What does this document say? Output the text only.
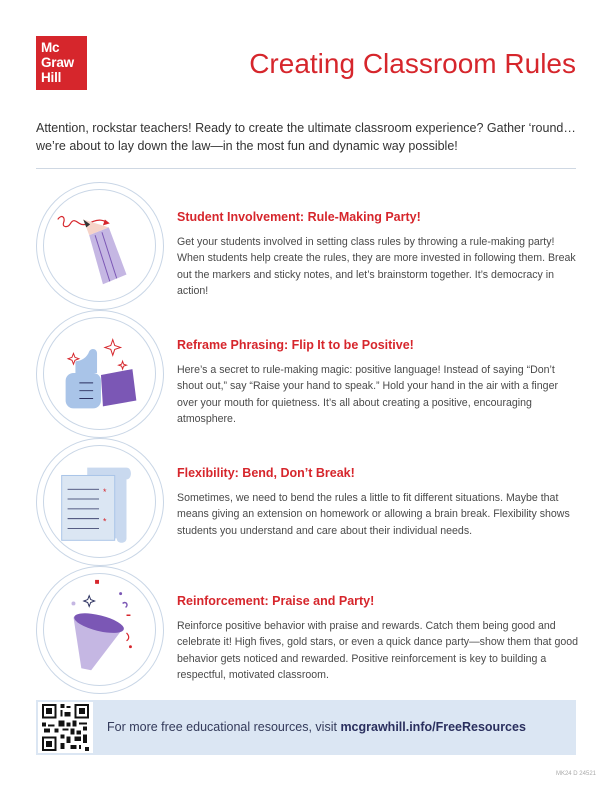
Mc
Graw
Hill	Creating Classroom Rules

Attention, rockstar teachers! Ready to create the ultimate classroom experience? Gather ‘round… we’re about to lay down the law—in the most fun and dynamic way possible!

Student Involvement: Rule-Making Party!

Get your students involved in setting class rules by throwing a rule-making party! When students help create the rules, they are more invested in following them. Break out the markers and sticky notes, and let’s brainstorm together. It’s democracy in action!

Reframe Phrasing: Flip It to be Positive!

Here’s a secret to rule-making magic: positive language! Instead of saying “Don’t shout out,” say “Raise your hand to speak.” Hold your hand in the air with a finger over your mouth for quietness. It’s all about creating a positive, encouraging atmosphere.

*
*
Flexibility: Bend, Don’t Break!

Sometimes, we need to bend the rules a little to fit different situations. Maybe that means giving an extension on homework or allowing a brain break. Flexibility shows students you understand and care about their individual needs.

Reinforcement: Praise and Party!

Reinforce positive behavior with praise and rewards. Catch them being good and celebrate it! High fives, gold stars, or even a quick dance party—show them that good behavior gets noticed and rewarded. Positive reinforcement is key to building a respectful, motivated classroom.

For more free educational resources, visit mcgrawhill.info/FreeResources

MK24 D 24521
